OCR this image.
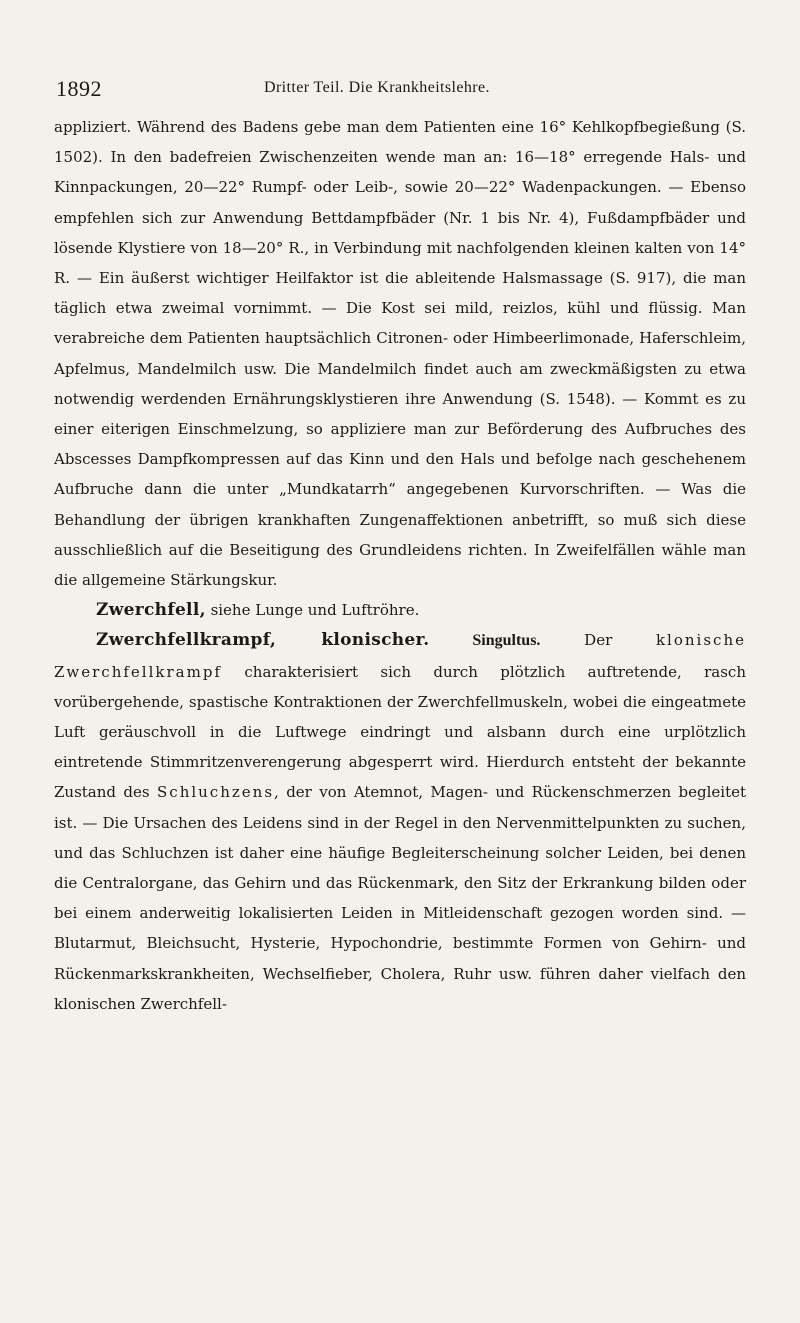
1892	Dritter Teil. Die Krankheitslehre.

appliziert. Während des Badens gebe man dem Patienten eine 16° Kehlkopfbegießung (S. 1502). In den badefreien Zwischenzeiten wende man an: 16—18° erregende Hals- und Kinnpackungen, 20—22° Rumpf- oder Leib-, sowie 20—22° Wadenpackungen. — Ebenso empfehlen sich zur Anwendung Bettdampfbäder (Nr. 1 bis Nr. 4), Fußdampfbäder und lösende Klystiere von 18—20° R., in Verbindung mit nachfolgenden kleinen kalten von 14° R. — Ein äußerst wichtiger Heilfaktor ist die ableitende Halsmassage (S. 917), die man täglich etwa zweimal vornimmt. — Die Kost sei mild, reizlos, kühl und flüssig. Man verabreiche dem Patienten hauptsächlich Citronen- oder Himbeerlimonade, Haferschleim, Apfelmus, Mandelmilch usw. Die Mandelmilch findet auch am zweckmäßigsten zu etwa notwendig werdenden Ernährungsklystieren ihre Anwendung (S. 1548). — Kommt es zu einer eiterigen Einschmelzung, so appliziere man zur Beförderung des Aufbruches des Abscesses Dampfkompressen auf das Kinn und den Hals und befolge nach geschehenem Aufbruche dann die unter „Mundkatarrh“ angegebenen Kurvorschriften. — Was die Behandlung der übrigen krankhaften Zungenaffektionen anbetrifft, so muß sich diese ausschließlich auf die Beseitigung des Grundleidens richten. In Zweifelfällen wähle man die allgemeine Stärkungskur.

Zwerchfell, siehe Lunge und Luftröhre.

Zwerchfellkrampf, klonischer. Singultus. Der klonische Zwerchfellkrampf charakterisiert sich durch plötzlich auftretende, rasch vorübergehende, spastische Kontraktionen der Zwerchfellmuskeln, wobei die eingeatmete Luft geräuschvoll in die Luftwege eindringt und alsbann durch eine urplötzlich eintretende Stimmritzenverengerung abgesperrt wird. Hierdurch entsteht der bekannte Zustand des Schluchzens, der von Atemnot, Magen- und Rückenschmerzen begleitet ist. — Die Ursachen des Leidens sind in der Regel in den Nervenmittelpunkten zu suchen, und das Schluchzen ist daher eine häufige Begleiterscheinung solcher Leiden, bei denen die Centralorgane, das Gehirn und das Rückenmark, den Sitz der Erkrankung bilden oder bei einem anderweitig lokalisierten Leiden in Mitleidenschaft gezogen worden sind. — Blutarmut, Bleichsucht, Hysterie, Hypochondrie, bestimmte Formen von Gehirn- und Rückenmarkskrankheiten, Wechselfieber, Cholera, Ruhr usw. führen daher vielfach den klonischen Zwerchfell-
